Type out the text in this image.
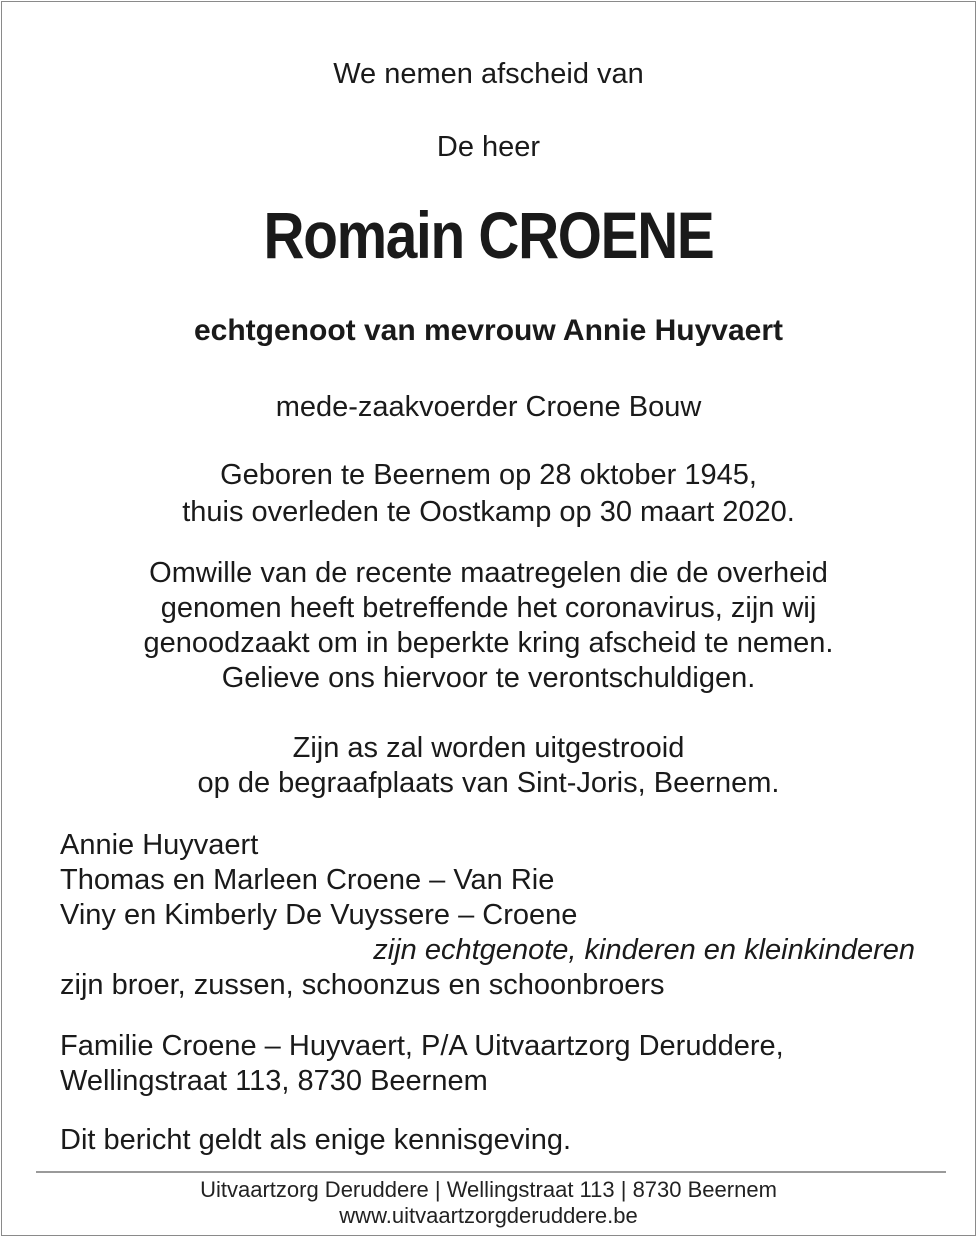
We nemen afscheid van
De heer
Romain CROENE
echtgenoot van mevrouw Annie Huyvaert
mede-zaakvoerder Croene Bouw
Geboren te Beernem op 28 oktober 1945,
thuis overleden te Oostkamp op 30 maart 2020.
Omwille van de recente maatregelen die de overheid
genomen heeft betreffende het coronavirus, zijn wij
genoodzaakt om in beperkte kring afscheid te nemen.
Gelieve ons hiervoor te verontschuldigen.
Zijn as zal worden uitgestrooid
op de begraafplaats van Sint-Joris, Beernem.
Annie Huyvaert
Thomas en Marleen Croene – Van Rie
Viny en Kimberly De Vuyssere – Croene
zijn echtgenote, kinderen en kleinkinderen
zijn broer, zussen, schoonzus en schoonbroers
Familie Croene – Huyvaert, P/A Uitvaartzorg Deruddere,
Wellingstraat 113, 8730 Beernem
Dit bericht geldt als enige kennisgeving.
Uitvaartzorg Deruddere | Wellingstraat 113 | 8730 Beernem
www.uitvaartzorgderuddere.be
